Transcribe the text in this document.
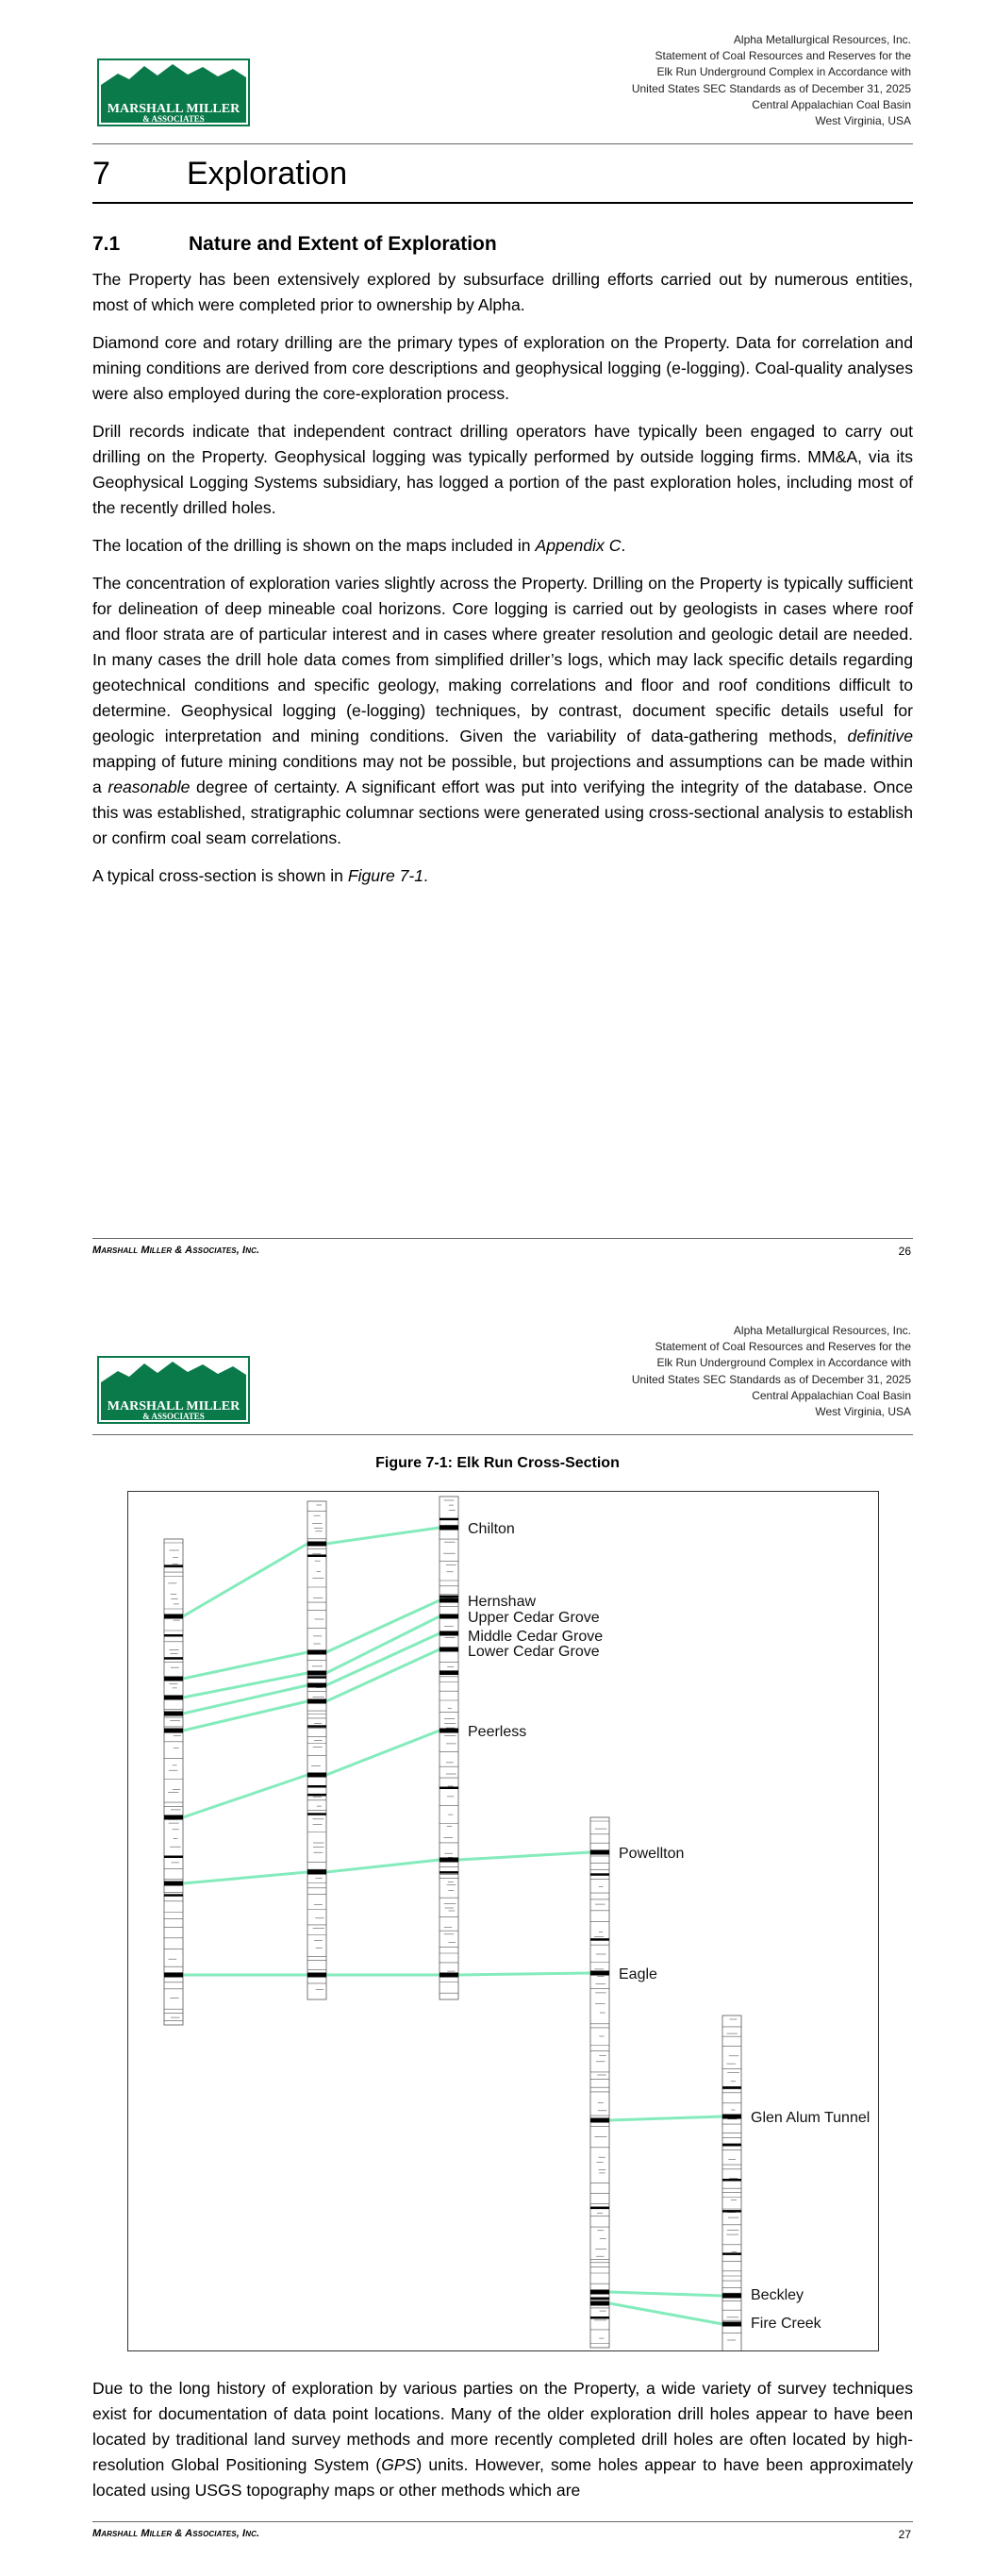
MARSHALL MILLER
& ASSOCIATES
Alpha Metallurgical Resources, Inc.
Statement of Coal Resources and Reserves for the
Elk Run Underground Complex in Accordance with
United States SEC Standards as of December 31, 2025
Central Appalachian Coal Basin
West Virginia, USA
7 Exploration
7.1	Nature and Extent of Exploration

The Property has been extensively explored by subsurface drilling efforts carried out by numerous entities, most of which were completed prior to ownership by Alpha.

Diamond core and rotary drilling are the primary types of exploration on the Property. Data for correlation and mining conditions are derived from core descriptions and geophysical logging (e-logging). Coal-quality analyses were also employed during the core-exploration process.

Drill records indicate that independent contract drilling operators have typically been engaged to carry out drilling on the Property. Geophysical logging was typically performed by outside logging firms. MM&A, via its Geophysical Logging Systems subsidiary, has logged a portion of the past exploration holes, including most of the recently drilled holes.

The location of the drilling is shown on the maps included in Appendix C.

The concentration of exploration varies slightly across the Property. Drilling on the Property is typically sufficient for delineation of deep mineable coal horizons. Core logging is carried out by geologists in cases where roof and floor strata are of particular interest and in cases where greater resolution and geologic detail are needed. In many cases the drill hole data comes from simplified driller’s logs, which may lack specific details regarding geotechnical conditions and specific geology, making correlations and floor and roof conditions difficult to determine. Geophysical logging (e-logging) techniques, by contrast, document specific details useful for geologic interpretation and mining conditions. Given the variability of data-gathering methods, definitive mapping of future mining conditions may not be possible, but projections and assumptions can be made within a reasonable degree of certainty. A significant effort was put into verifying the integrity of the database. Once this was established, stratigraphic columnar sections were generated using cross-sectional analysis to establish or confirm coal seam correlations.

A typical cross-section is shown in Figure 7-1.

Marshall Miller & Associates, Inc.	26
MARSHALL MILLER
& ASSOCIATES
Alpha Metallurgical Resources, Inc.
Statement of Coal Resources and Reserves for the
Elk Run Underground Complex in Accordance with
United States SEC Standards as of December 31, 2025
Central Appalachian Coal Basin
West Virginia, USA
Figure 7-1: Elk Run Cross-Section
Chilton
Hernshaw
Upper Cedar Grove
Middle Cedar Grove
Lower Cedar Grove
Peerless
Powellton
Eagle
Glen Alum Tunnel
Beckley
Fire Creek

Due to the long history of exploration by various parties on the Property, a wide variety of survey techniques exist for documentation of data point locations. Many of the older exploration drill holes appear to have been located by traditional land survey methods and more recently completed drill holes are often located by high-resolution Global Positioning System (GPS) units. However, some holes appear to have been approximately located using USGS topography maps or other methods which are

Marshall Miller & Associates, Inc.	27
